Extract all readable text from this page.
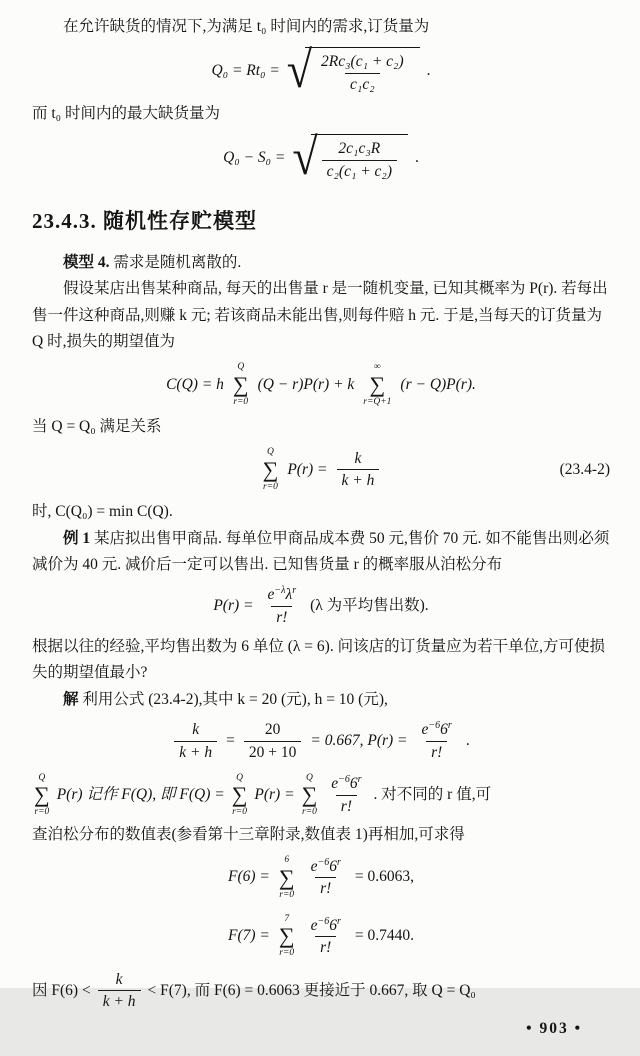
在允许缺货的情况下,为满足 t₀ 时间内的需求,订货量为

Q₀ = Rt₀ = √ $\frac{\text{2Rc₃(c₁ + c₂)}}{\text{c₁c₂}}$ .

而 t₀ 时间内的最大缺货量为

Q₀ − S₀ = √ $\frac{\text{2c₁c₃R}}{\text{c₂(c₁ + c₂)}}$ .
23.4.3. 随机性存贮模型

模型 4. 需求是随机离散的.

假设某店出售某种商品, 每天的出售量 r 是一随机变量, 已知其概率为 P(r). 若每出售一件这种商品,则赚 k 元; 若该商品未能出售,则每件赔 h 元. 于是,当每天的订货量为 Q 时,损失的期望值为

C(Q) = h
Q
∑
r=0
(Q − r)P(r) + k
∞
∑
r=Q+1
(r − Q)P(r).

当 Q = Q₀ 满足关系

Q
∑
r=0
$P(r) = \frac{k}{k + h}$	(23.4-2)

时, C(Q₀) = min C(Q).

例 1 某店拟出售甲商品. 每单位甲商品成本费 50 元,售价 70 元. 如不能售出则必须减价为 40 元. 减价后一定可以售出. 已知售货量 r 的概率服从泊松分布

$P(r) = \frac{e^{-\lambda}\lambda^r}{r!} (\lambda$ 为平均售出数).

根据以往的经验,平均售出数为 6 单位 (λ = 6). 问该店的订货量应为若干单位,方可使损失的期望值最小?

解 利用公式 (23.4-2),其中 k = 20 (元), h = 10 (元),

$\frac{k}{k + h} = \frac{20}{20 + 10} = 0.667$, $P(r) = \frac{e^{-6}6^r}{r!}$ .
Q
∑
r=0
P(r) 记作 F(Q), 即 F(Q) =
Q
∑
r=0
P(r) =
Q
∑
$r=0 \frac{e^{-6}6^r}{r!}$ . 对不同的 r 值,可

查泊松分布的数值表(参看第十三章附录,数值表 1)再相加,可求得

F(6) =
6
∑
$r=0 \frac{e^{-6}6^r}{r!} = 0.6063$,
F(7) =
7
∑
$r=0 \frac{e^{-6}6^r}{r!} = 0.7440$.
因 $F(6) < \frac{k}{k + h} < F(7)$, 而 F(6) = 0.6063 更接近于 0.667, 取 Q = Q₀
• 903 •
